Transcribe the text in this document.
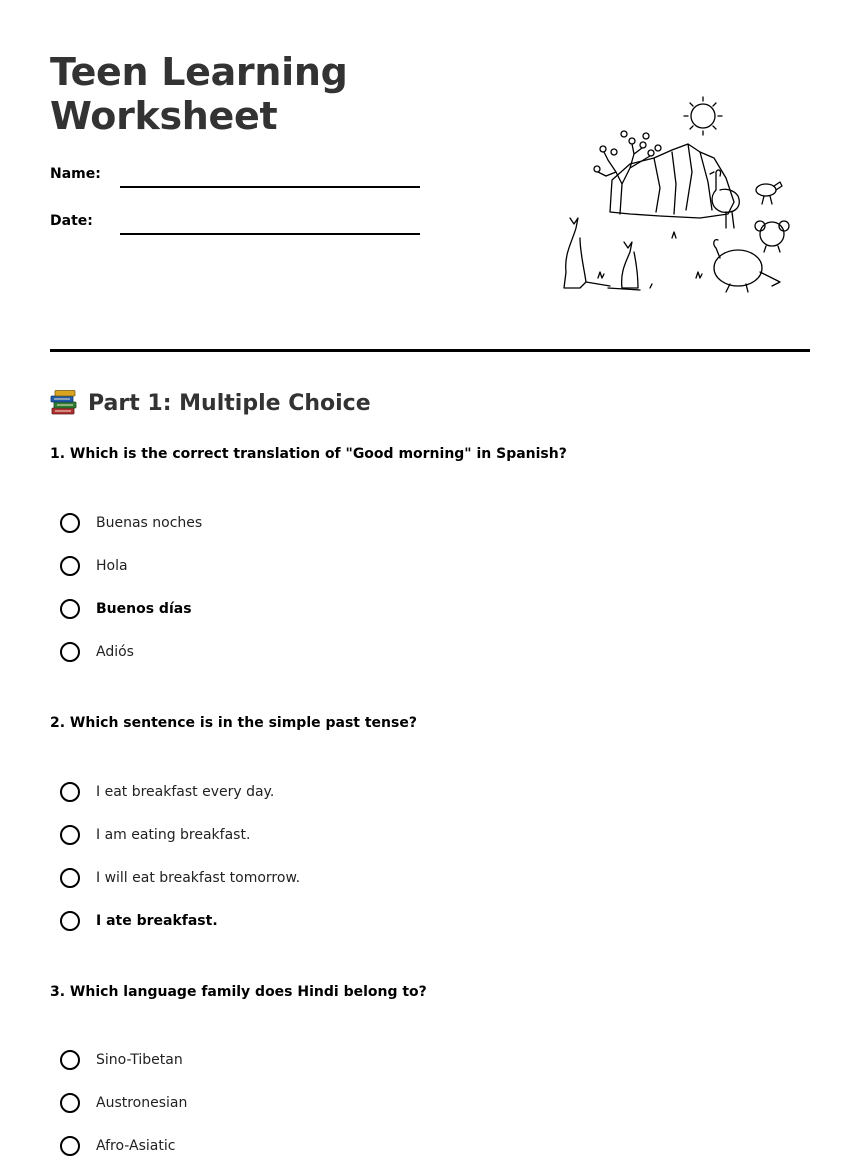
Teen Learning
Worksheet
Name:
Date:
Part 1: Multiple Choice
1. Which is the correct translation of "Good morning" in Spanish?
Buenas noches
Hola
Buenos días
Adiós
2. Which sentence is in the simple past tense?
I eat breakfast every day.
I am eating breakfast.
I will eat breakfast tomorrow.
I ate breakfast.
3. Which language family does Hindi belong to?
Sino-Tibetan
Austronesian
Afro-Asiatic
